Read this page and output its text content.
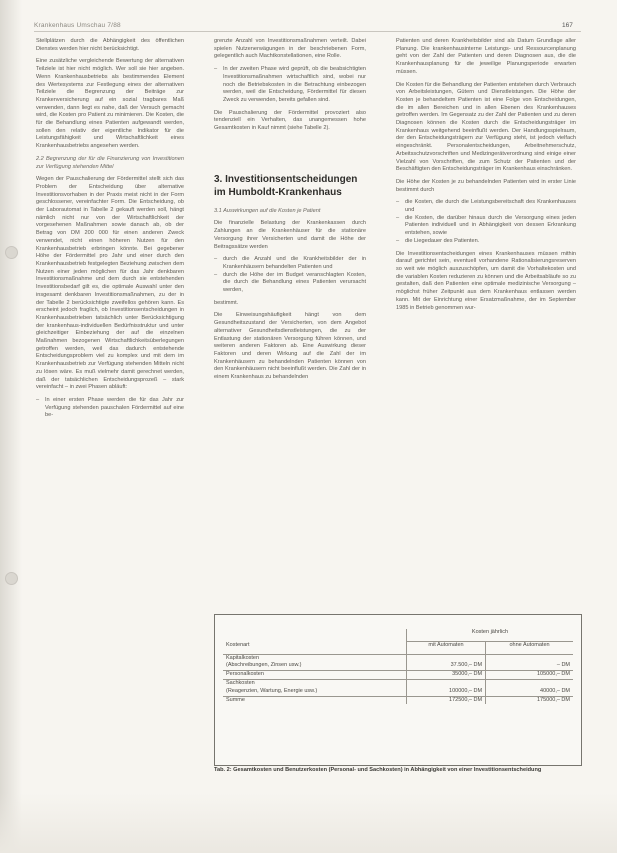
Krankenhaus Umschau 7/88	167

Stellplätzen durch die Abhängigkeit des öffentlichen Dienstes werden hier nicht berücksichtigt.

Eine zusätzliche vergleichende Bewertung der alternativen Teilziele ist hier nicht möglich. Wer soll sie hier angeben. Wenn Krankenhausbetriebs als bestimmendes Element des Wertesystems zur Festlegung eines der alternativen Teilziele die Begrenzung der Beiträge zur Krankenversicherung auf ein sozial tragbares Maß verwenden, dann liegt es nahe, daß der Versuch gemacht wird, die Kosten pro Patient zu minimieren. Die Kosten, die für die Behandlung eines Patienten aufgewandt werden, sollen den relativ der eigentliche Indikator für die Leistungsfähigkeit und Wirtschaftlichkeit eines Krankenhausbetriebs angesehen werden.

2.2 Begrenzung der für die Finanzierung von Investitionen zur Verfügung stehenden Mittel

Wegen der Pauschalierung der Fördermittel stellt sich das Problem der Entscheidung über alternative Investitionsvorhaben in der Praxis meist nicht in der Form geschlossener, vereinfachter Form. Die Entscheidung, ob der Laborautomat in Tabelle 2 gekauft werden soll, hängt nämlich nicht nur von der Wirtschaftlichkeit der vorgesehenen Maßnahmen sowie danach ab, ob der Betrag von DM 200 000 für einen anderen Zweck verwendet, nicht einen höheren Nutzen für den Krankenhausbetrieb erbringen könnte. Bei gegebener Höhe der Fördermittel pro Jahr und einer durch den Krankenhausbetrieb festgelegten Beziehung zwischen dem Nutzen einer jeden möglichen für das Jahr denkbaren Investitionsmaßnahme und dem durch sie entstehenden Investitionsbedarf gilt es, die optimale Auswahl unter den insgesamt denkbaren Investitionsmaßnahmen, zu der in der Tabelle 2 berücksichtigte zweifellos gehören kann. Es erscheint jedoch fraglich, ob Investitionsentscheidungen in Krankenhausbetrieben tatsächlich unter Berücksichtigung der krankenhaus-individuellen Bedürfnisstruktur und unter gleichzeitiger Einbeziehung der auf die einzelnen Maßnahmen bezogenen Wirtschaftlichkeitsüberlegungen getroffen werden, weil das dadurch entstehende Entscheidungsproblem viel zu komplex und mit dem im Krankenhausbetrieb zur Verfügung stehenden Mitteln nicht zu lösen wäre. Es muß vielmehr damit gerechnet werden, daß der tatsächlichen Entscheidungsprozeß – stark vereinfacht – in zwei Phasen abläuft:

– In einer ersten Phase werden die für das Jahr zur Verfügung stehenden pauschalen Fördermittel auf eine be-

grenzte Anzahl von Investitionsmaßnahmen verteilt. Dabei spielen Nutzenerwägungen in der beschriebenen Form, gelegentlich auch Machtkonstellationen, eine Rolle.

– In der zweiten Phase wird geprüft, ob die beabsichtigten Investitionsmaßnahmen wirtschaftlich sind, wobei nur noch die Betriebskosten in die Betrachtung einbezogen werden, weil die Entscheidung, Fördermittel für diesen Zweck zu verwenden, bereits gefallen sind.

Die Pauschalierung der Fördermittel provoziert also tendenziell ein Verhalten, das unangemessen hohe Gesamtkosten in Kauf nimmt (siehe Tabelle 2).

3. Investitionsentscheidungen im Humboldt-Krankenhaus

3.1 Auswirkungen auf die Kosten je Patient

Die finanzielle Belastung der Krankenkassen durch Zahlungen an die Krankenhäuser für die stationäre Versorgung ihrer Versicherten und damit die Höhe der Beitragssätze werden

– durch die Anzahl und die Krankheitsbilder der in Krankenhäusern behandelten Patienten und
– durch die Höhe der im Budget veranschlagten Kosten, die durch die Behandlung eines Patienten verursacht werden,

bestimmt.

Die Einweisungshäufigkeit hängt von dem Gesundheitszustand der Versicherten, von dem Angebot alternativer Gesundheitsdienstleistungen, die zu der Entlastung der stationären Versorgung führen können, und weiteren anderen Faktoren ab. Eine Auswirkung dieser Faktoren und deren Wirkung auf die Zahl der im Krankenhäusern zu behandelnden Patienten können von den Krankenhäusern nicht beeinflußt werden. Die Zahl der in einem Krankenhaus zu behandelnden

Patienten und deren Krankheitsbilder sind als Datum Grundlage aller Planung. Die krankenhausinterne Leistungs- und Ressourcenplanung geht von der Zahl der Patienten und deren Diagnosen aus, die die Krankenhausplanung für die jeweilige Planungsperiode erwarten müssen.

Die Kosten für die Behandlung der Patienten entstehen durch Verbrauch von Arbeitsleistungen, Gütern und Dienstleistungen. Die Höhe der Kosten je behandeltem Patienten ist eine Folge von Entscheidungen, die im allen Bereichen und in allen Ebenen des Krankenhauses getroffen werden. Im Gegensatz zu der Zahl der Patienten und zu deren Diagnosen können die Kosten durch die Entscheidungsträger im Krankenhaus weitgehend beeinflußt werden. Der Handlungsspielraum, der den Entscheidungsträgern zur Verfügung steht, ist jedoch vielfach eingeschränkt. Personalentscheidungen, Arbeitnehmerschutz, Arbeitsschutzvorschriften und Medizingerätverordnung sind einige einer Vielzahl von Vorschriften, die zum Schutz der Patienten und der Beschäftigten den Entscheidungsträger im Krankenhaus einschränken.

Die Höhe der Kosten je zu behandelnden Patienten wird in erster Linie bestimmt durch

– die Kosten, die durch die Leistungsbereitschaft des Krankenhauses und
– die Kosten, die darüber hinaus durch die Versorgung eines jeden Patienten individuell und in Abhängigkeit von dessen Erkrankung entstehen, sowie
– die Liegedauer des Patienten.

Die Investitionsentscheidungen eines Krankenhauses müssen mithin darauf gerichtet sein, eventuell vorhandene Rationalisierungsreserven so weit wie möglich auszuschöpfen, um damit die Vorhaltekosten und die variablen Kosten reduzieren zu können und die Arbeitsabläufe so zu gestalten, daß den Patienten eine optimale medizinische Versorgung – möglichst früher Zeitpunkt aus dem Krankenhaus entlassen werden kann. Mit der Einrichtung einer Ersatzmaßnahme, der im September 1985 in Betrieb genommen wur-

Kostenart	Kosten jährlich	
	mit Automaten	ohne Automaten
Kapitalkosten
(Abschreibungen, Zinsen usw.)	37.500,– DM	– DM
Personalkosten	35000,– DM	105000,– DM
Sachkosten
(Reagenzien, Wartung, Energie usw.)	100000,– DM	40000,– DM
Summe	172500,– DM	175000,– DM
Tab. 2: Gesamtkosten und Benutzerkosten (Personal- und Sachkosten) in Abhängigkeit von einer Investitionsentscheidung
